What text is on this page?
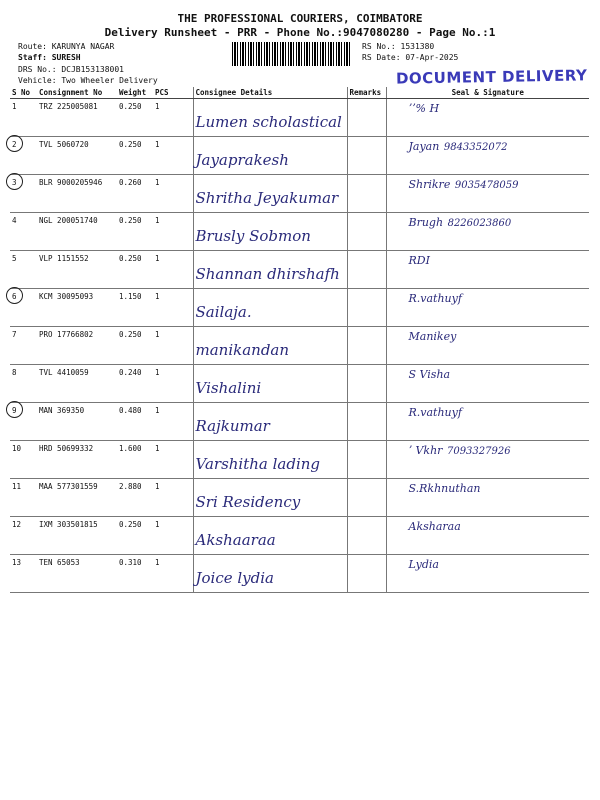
THE PROFESSIONAL COURIERS, COIMBATORE
Delivery Runsheet - PRR - Phone No.:9047080280 - Page No.:1
Route: KARUNYA NAGAR
Staff: SURESH
DRS No.: DCJB153138001
Vehicle: Two Wheeler Delivery
RS No.: 1531380
RS Date: 07-Apr-2025
DOCUMENT DELIVERY
S No	Consignment No	Weight	PCS	Consignee Details	Remarks	Seal & Signature
1	TRZ 225005081	0.250	1	Lumen scholastical		ʼʼ% H

2	TVL 5060720	0.250	1	Jayaprakesh		Jayan 9843352072

3	BLR 9000205946	0.260	1	Shritha Jeyakumar		Shrikre 9035478059
4	NGL 200051740	0.250	1	Brusly Sobmon		Brugh 8226023860
5	VLP 1151552	0.250	1	Shannan dhirshafh		RDI

6	KCM 30095093	1.150	1	Sailaja.		R.vathuyf
7	PRO 17766802	0.250	1	manikandan		Manikey
8	TVL 4410059	0.240	1	Vishalini		S Visha

9	MAN 369350	0.480	1	Rajkumar		R.vathuyf
10	HRD 50699332	1.600	1	Varshitha lading		ʼ Vkhr 7093327926
11	MAA 577301559	2.880	1	Sri Residency		S.Rkhnuthan
12	IXM 303501815	0.250	1	Akshaaraa		Aksharaa
13	TEN 65053	0.310	1	Joice lydia		Lydia
